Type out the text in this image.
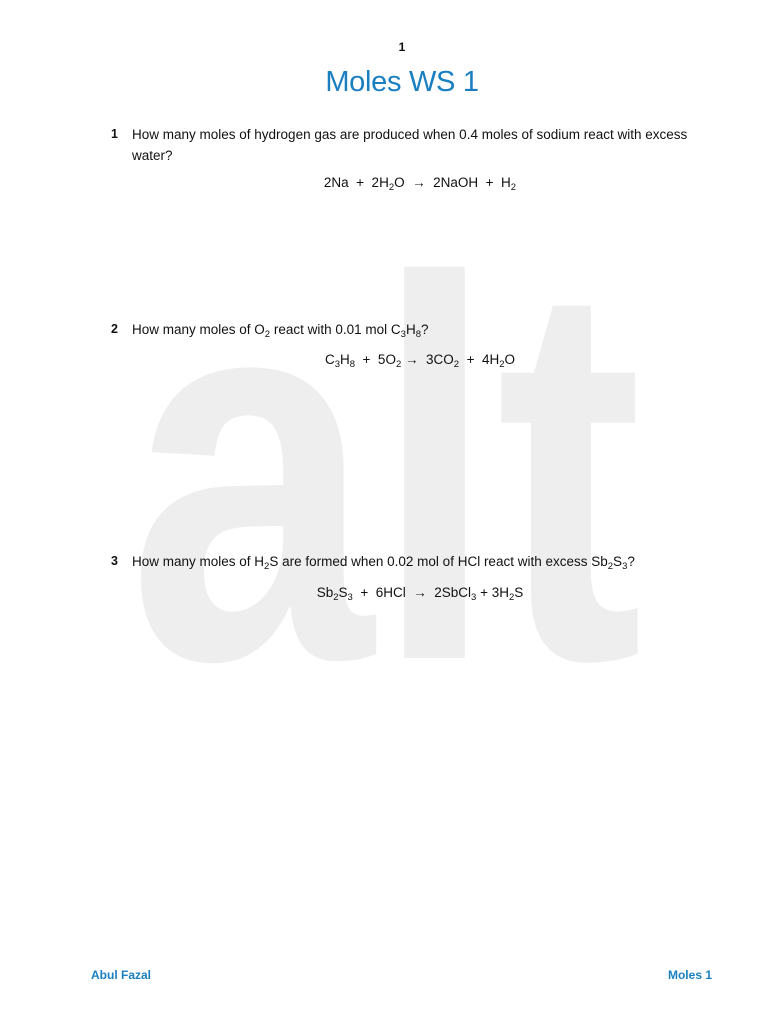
alt
1
Moles WS 1
1 How many moles of hydrogen gas are produced when 0.4 moles of sodium react with excess water?
$2Na + 2H_2O$  →  2NaOH  +  $H_2$
2 How many moles of $O_2$ react with 0.01 mol $C_3H_8$?
$C_3H_8 + 5O_2 \to 3CO_2 + 4H_2O$
3 How many moles of $H_2S$ are formed when 0.02 mol of HCl react with excess $Sb_2S_3$?
$Sb_2S_3 + 6HCl$  →  2SbCl$_3$ + $3H_2S$
Abul Fazal	Moles 1
